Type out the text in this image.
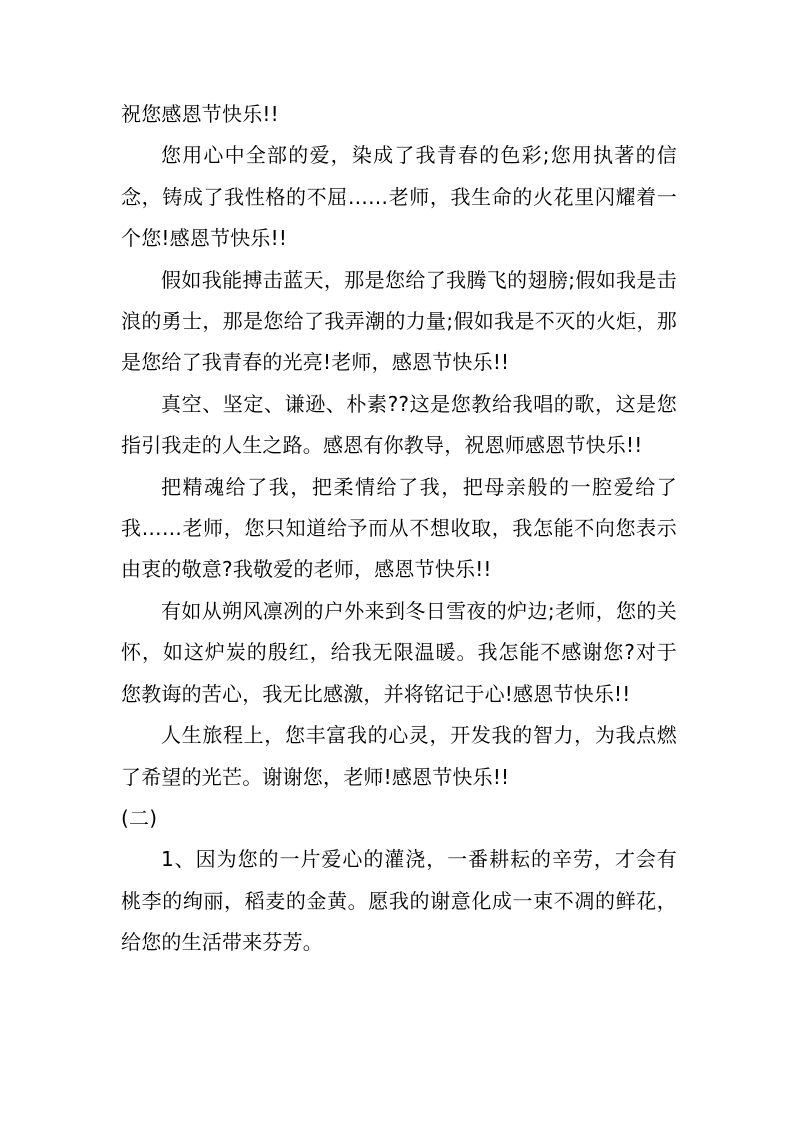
祝您感恩节快乐!!

您用心中全部的爱，染成了我青春的色彩;您用执著的信念，铸成了我性格的不屈……老师，我生命的火花里闪耀着一个您!感恩节快乐!!

假如我能搏击蓝天，那是您给了我腾飞的翅膀;假如我是击浪的勇士，那是您给了我弄潮的力量;假如我是不灭的火炬，那是您给了我青春的光亮!老师，感恩节快乐!!

真空、坚定、谦逊、朴素??这是您教给我唱的歌，这是您指引我走的人生之路。感恩有你教导，祝恩师感恩节快乐!!

把精魂给了我，把柔情给了我，把母亲般的一腔爱给了我……老师，您只知道给予而从不想收取，我怎能不向您表示由衷的敬意?我敬爱的老师，感恩节快乐!!

有如从朔风凛冽的户外来到冬日雪夜的炉边;老师，您的关怀，如这炉炭的殷红，给我无限温暖。我怎能不感谢您?对于您教诲的苦心，我无比感激，并将铭记于心!感恩节快乐!!

人生旅程上，您丰富我的心灵，开发我的智力，为我点燃了希望的光芒。谢谢您，老师!感恩节快乐!!

(二)

1、因为您的一片爱心的灌浇，一番耕耘的辛劳，才会有桃李的绚丽，稻麦的金黄。愿我的谢意化成一束不凋的鲜花，给您的生活带来芬芳。
